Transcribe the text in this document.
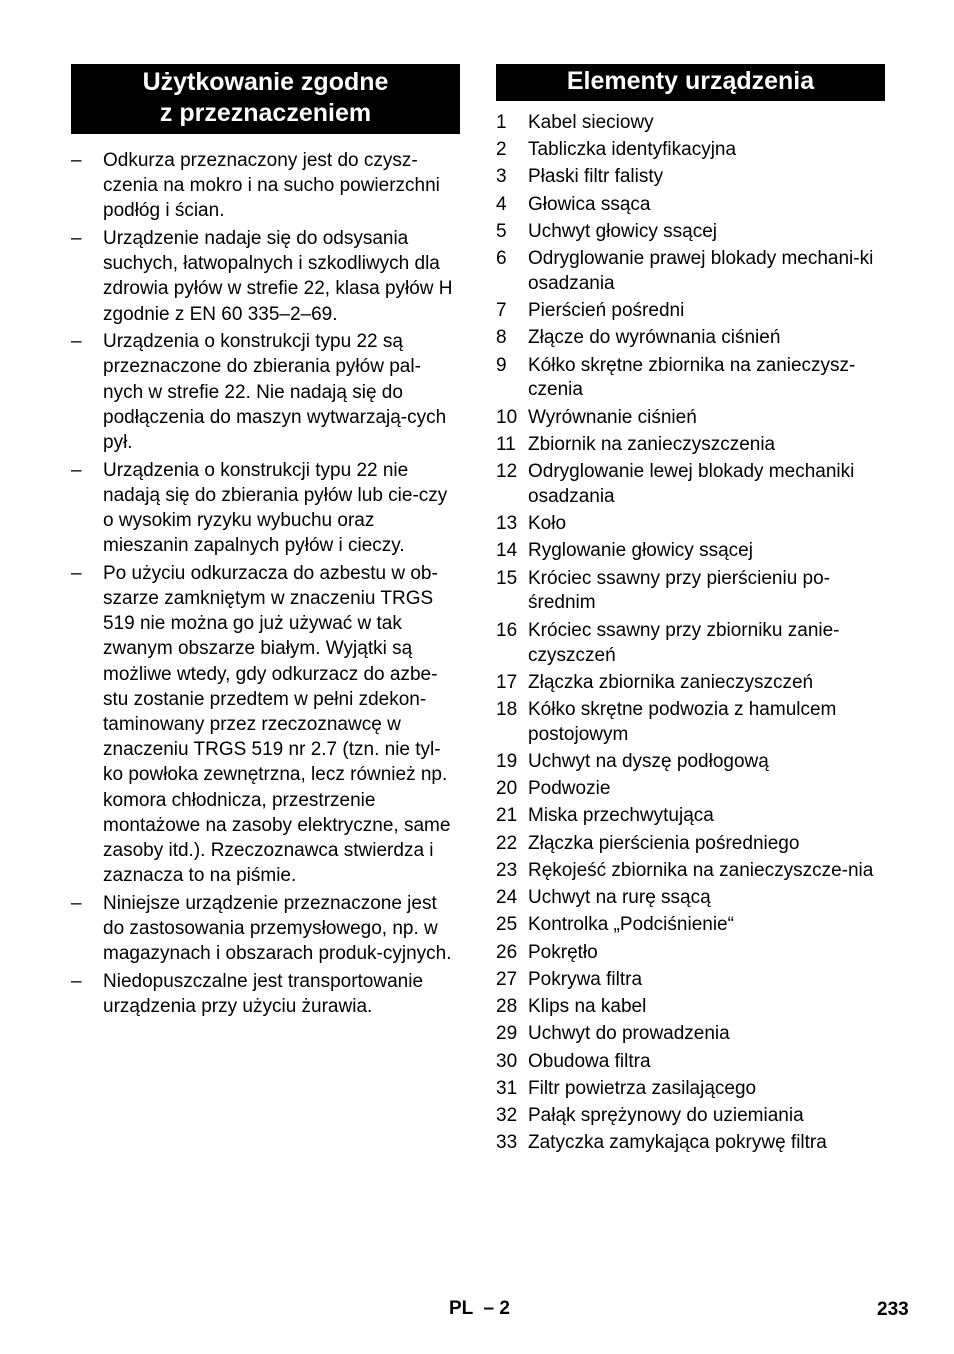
Użytkowanie zgodne
z przeznaczeniem
–	Odkurza przeznaczony jest do czysz-czenia na mokro i na sucho powierzchni podłóg i ścian.
–	Urządzenie nadaje się do odsysania suchych, łatwopalnych i szkodliwych dla zdrowia pyłów w strefie 22, klasa pyłów H zgodnie z EN 60 335–2–69.
–	Urządzenia o konstrukcji typu 22 są przeznaczone do zbierania pyłów pal-nych w strefie 22. Nie nadają się do podłączenia do maszyn wytwarzają-cych pył.
–	Urządzenia o konstrukcji typu 22 nie nadają się do zbierania pyłów lub cie-czy o wysokim ryzyku wybuchu oraz mieszanin zapalnych pyłów i cieczy.
–	Po użyciu odkurzacza do azbestu w ob-szarze zamkniętym w znaczeniu TRGS 519 nie można go już używać w tak zwanym obszarze białym. Wyjątki są możliwe wtedy, gdy odkurzacz do azbe-stu zostanie przedtem w pełni zdekon-taminowany przez rzeczoznawcę w znaczeniu TRGS 519 nr 2.7 (tzn. nie tyl-ko powłoka zewnętrzna, lecz również np. komora chłodnicza, przestrzenie montażowe na zasoby elektryczne, same zasoby itd.). Rzeczoznawca stwierdza i zaznacza to na piśmie.
–	Niniejsze urządzenie przeznaczone jest do zastosowania przemysłowego, np. w magazynach i obszarach produk-cyjnych.
–	Niedopuszczalne jest transportowanie urządzenia przy użyciu żurawia.
Elementy urządzenia
1 Kabel sieciowy
2 Tabliczka identyfikacyjna
3 Płaski filtr falisty
4 Głowica ssąca
5 Uchwyt głowicy ssącej
6 Odryglowanie prawej blokady mechani-ki osadzania
7 Pierścień pośredni
8 Złącze do wyrównania ciśnień
9 Kółko skrętne zbiornika na zanieczysz-czenia
10 Wyrównanie ciśnień
11 Zbiornik na zanieczyszczenia
12 Odryglowanie lewej blokady mechaniki osadzania
13 Koło
14 Ryglowanie głowicy ssącej
15 Króciec ssawny przy pierścieniu po-średnim
16 Króciec ssawny przy zbiorniku zanie-czyszczeń
17 Złączka zbiornika zanieczyszczeń
18 Kółko skrętne podwozia z hamulcem postojowym
19 Uchwyt na dyszę podłogową
20 Podwozie
21 Miska przechwytująca
22 Złączka pierścienia pośredniego
23 Rękojeść zbiornika na zanieczyszcze-nia
24 Uchwyt na rurę ssącą
25 Kontrolka „Podciśnienie“
26 Pokrętło
27 Pokrywa filtra
28 Klips na kabel
29 Uchwyt do prowadzenia
30 Obudowa filtra
31 Filtr powietrza zasilającego
32 Pałąk sprężynowy do uziemiania
33 Zatyczka zamykająca pokrywę filtra
PL  – 2	233
